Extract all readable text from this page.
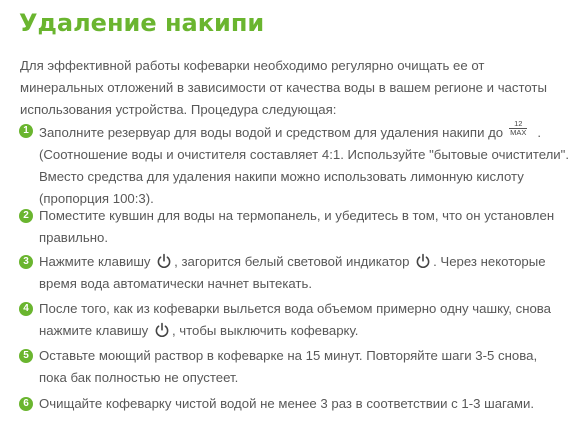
Удаление накипи

Для эффективной работы кофеварки необходимо регулярно очищать ее от
минеральных отложений в зависимости от качества воды в вашем регионе и частоты
использования устройства. Процедура следующая:

1 Заполните резервуар для воды водой и средством для удаления накипи до $\frac{12}{\text{MAX}}$ .
(Соотношение воды и очистителя составляет 4:1. Используйте "бытовые очистители".
Вместо средства для удаления накипи можно использовать лимонную кислоту
(пропорция 100:3).
2 Поместите кувшин для воды на термопанель, и убедитесь в том, что он установлен
правильно.
3 Нажмите клавишу , загорится белый световой индикатор . Через некоторые
время вода автоматически начнет вытекать.
4 После того, как из кофеварки выльется вода объемом примерно одну чашку, снова
нажмите клавишу , чтобы выключить кофеварку.
5 Оставьте моющий раствор в кофеварке на 15 минут. Повторяйте шаги 3-5 снова,
пока бак полностью не опустеет.
6 Очищайте кофеварку чистой водой не менее 3 раз в соответствии с 1-3 шагами.
